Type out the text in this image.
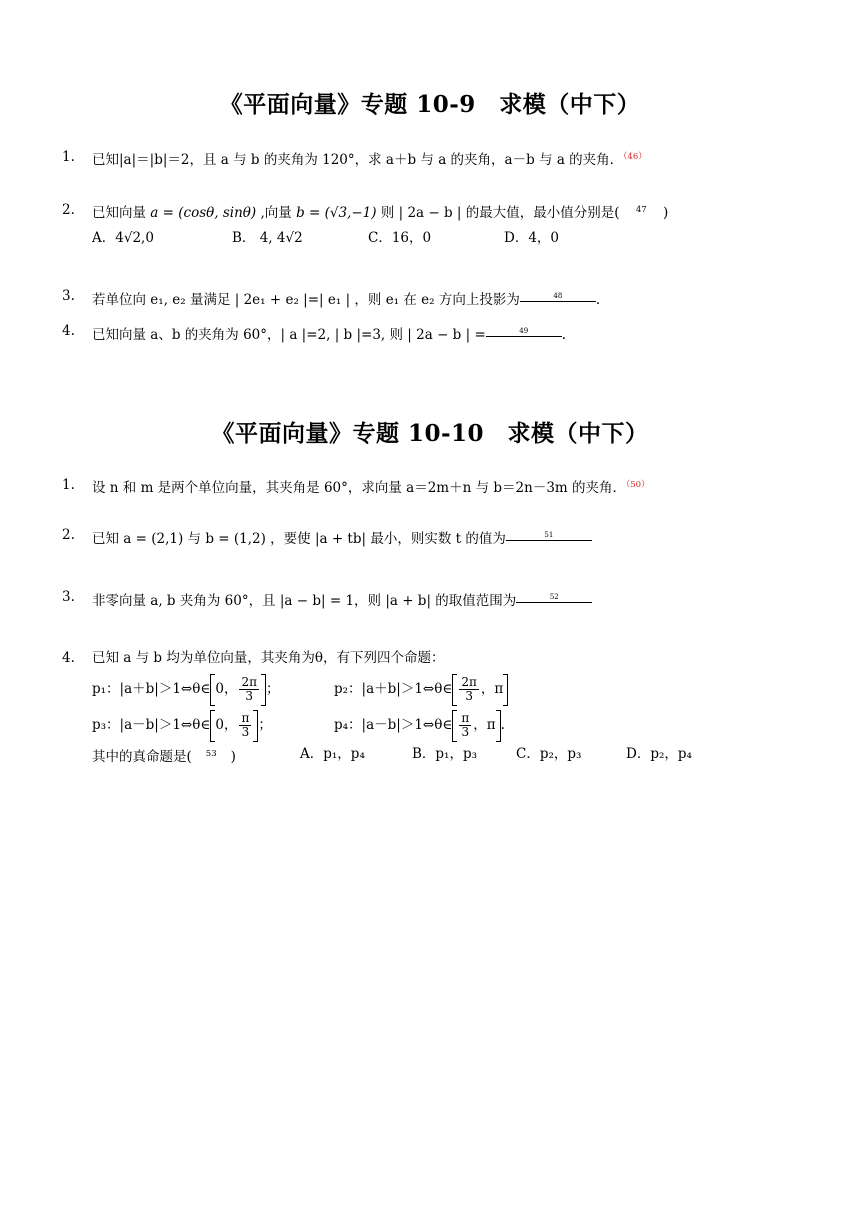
《平面向量》专题 10-9　求模（中下）
1. 已知|a|＝|b|＝2，且 a 与 b 的夹角为 120°，求 a＋b 与 a 的夹角，a－b 与 a 的夹角．$^{(46)}$
2. 已知向量 a = (cosθ, sinθ) ,向量 b = (√3,−1) 则 | 2a − b | 的最大值，最小值分别是( $^{47}$ )
A．4√2,0	B． 4, 4√2	C．16，0	D．4，0
3. 若单位向 e₁, e₂ 量满足 | 2e₁ + e₂ |=| e₁ | ，则 e₁ 在 e₂ 方向上投影为	$^{48}$ .
4. 已知向量 a、b 的夹角为 60°，| a |=2, | b |=3, 则 | 2a − b | =	$^{49}$ .
《平面向量》专题 10-10　求模（中下）
1. 设 n 和 m 是两个单位向量，其夹角是 60°，求向量 a＝2m＋n 与 b＝2n－3m 的夹角．$^{(50)}$
2. 已知 a = (2,1) 与 b = (1,2) ，要使 |a + tb| 最小，则实数 t 的值为	$^{51}$
3. 非零向量 a, b 夹角为 60°，且 |a − b| = 1，则 |a + b| 的取值范围为	$^{52}$
4. 已知 a 与 b 均为单位向量，其夹角为θ，有下列四个命题：
p₁：|a＋b|＞1⇔θ∈ 0， $\frac{2\pi}{3}$ ；	p₂：|a＋b|＞1⇔θ∈ $\frac{2\pi}{3}$ ，π
p₃：|a－b|＞1⇔θ∈ 0， $\frac{\pi}{3}$ ；	p₄：|a－b|＞1⇔θ∈ $\frac{\pi}{3}$ ，π .
其中的真命题是( $^{53}$ )	A．p₁，p₄	B．p₁，p₃	C．p₂，p₃	D．p₂，p₄
